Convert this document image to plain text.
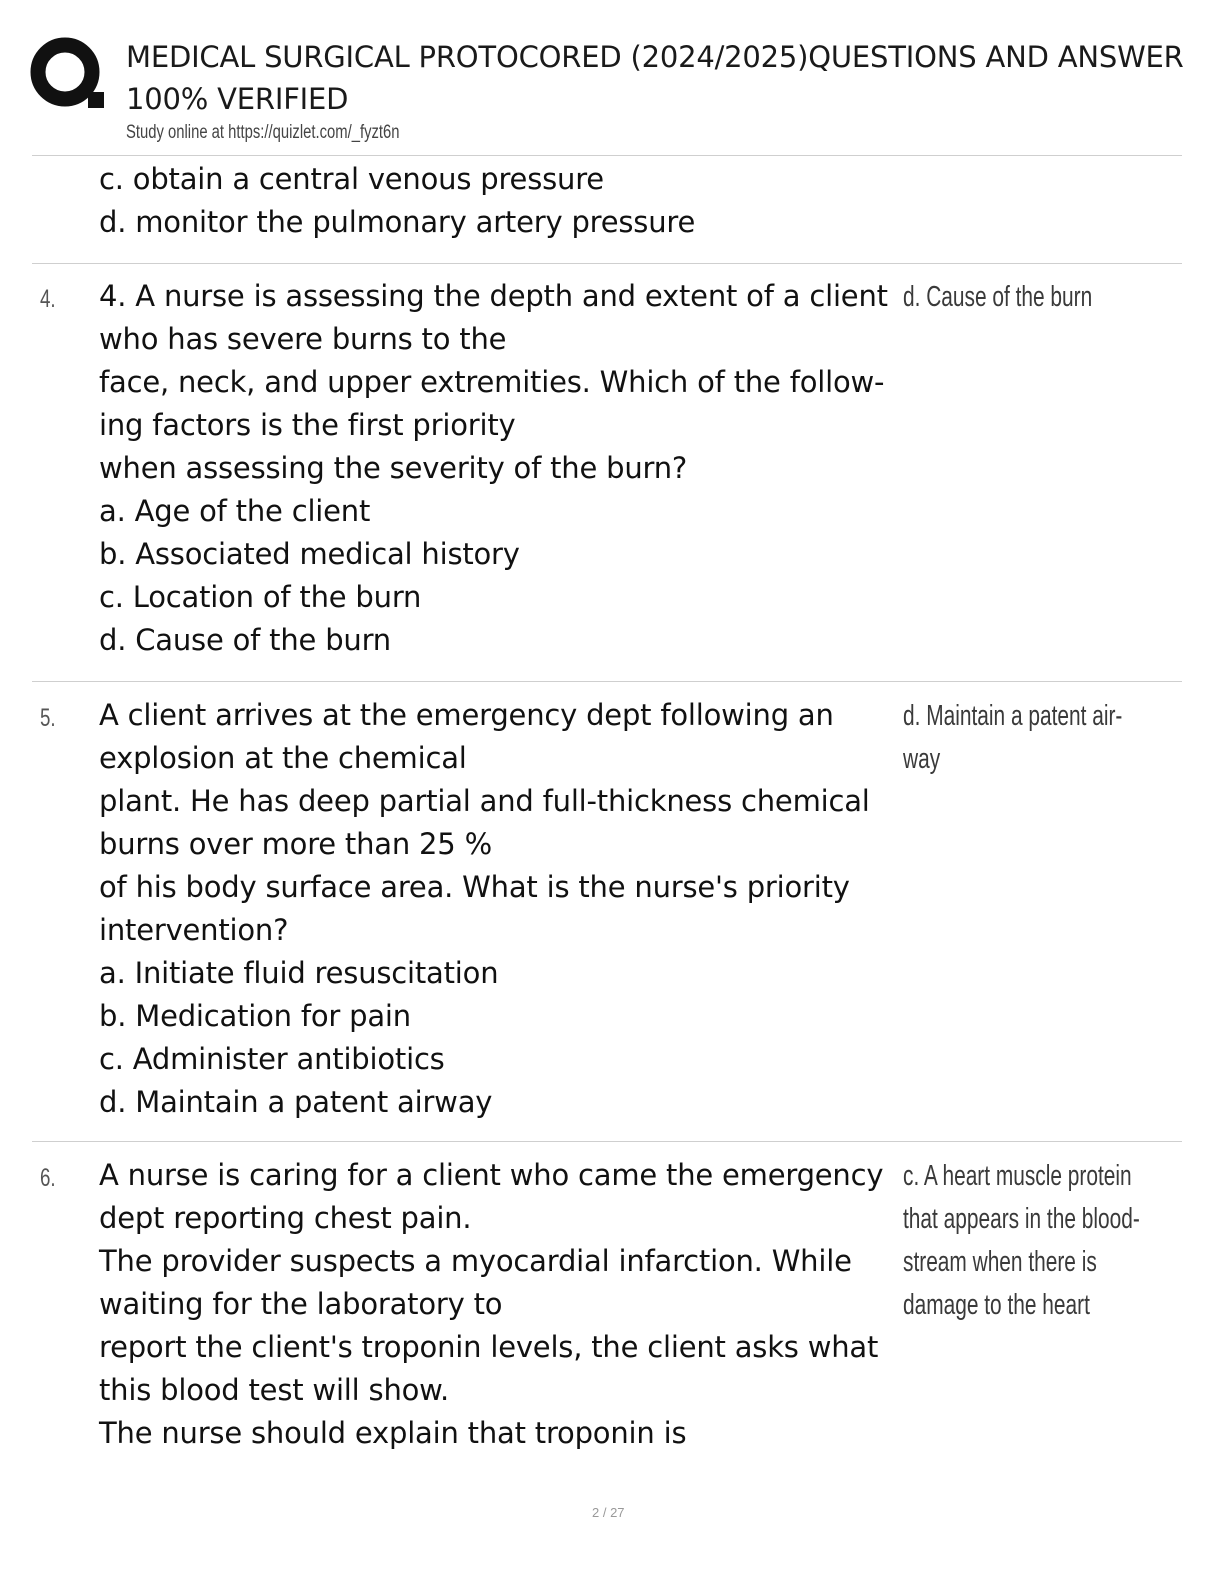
MEDICAL SURGICAL PROTOCORED (2024/2025)QUESTIONS AND ANSWER
100% VERIFIED
Study online at https://quizlet.com/_fyzt6n
c. obtain a central venous pressure
d. monitor the pulmonary artery pressure
4. 4. A nurse is assessing the depth and extent of a client
who has severe burns to the
face, neck, and upper extremities. Which of the follow-
ing factors is the first priority
when assessing the severity of the burn?
a. Age of the client
b. Associated medical history
c. Location of the burn
d. Cause of the burn
d. Cause of the burn
5. A client arrives at the emergency dept following an
explosion at the chemical
plant. He has deep partial and full-thickness chemical
burns over more than 25 %
of his body surface area. What is the nurse's priority
intervention?
a. Initiate fluid resuscitation
b. Medication for pain
c. Administer antibiotics
d. Maintain a patent airway
d. Maintain a patent air-
way
6. A nurse is caring for a client who came the emergency
dept reporting chest pain.
The provider suspects a myocardial infarction. While
waiting for the laboratory to
report the client's troponin levels, the client asks what
this blood test will show.
The nurse should explain that troponin is
c. A heart muscle protein
that appears in the blood-
stream when there is
damage to the heart
2 / 27
